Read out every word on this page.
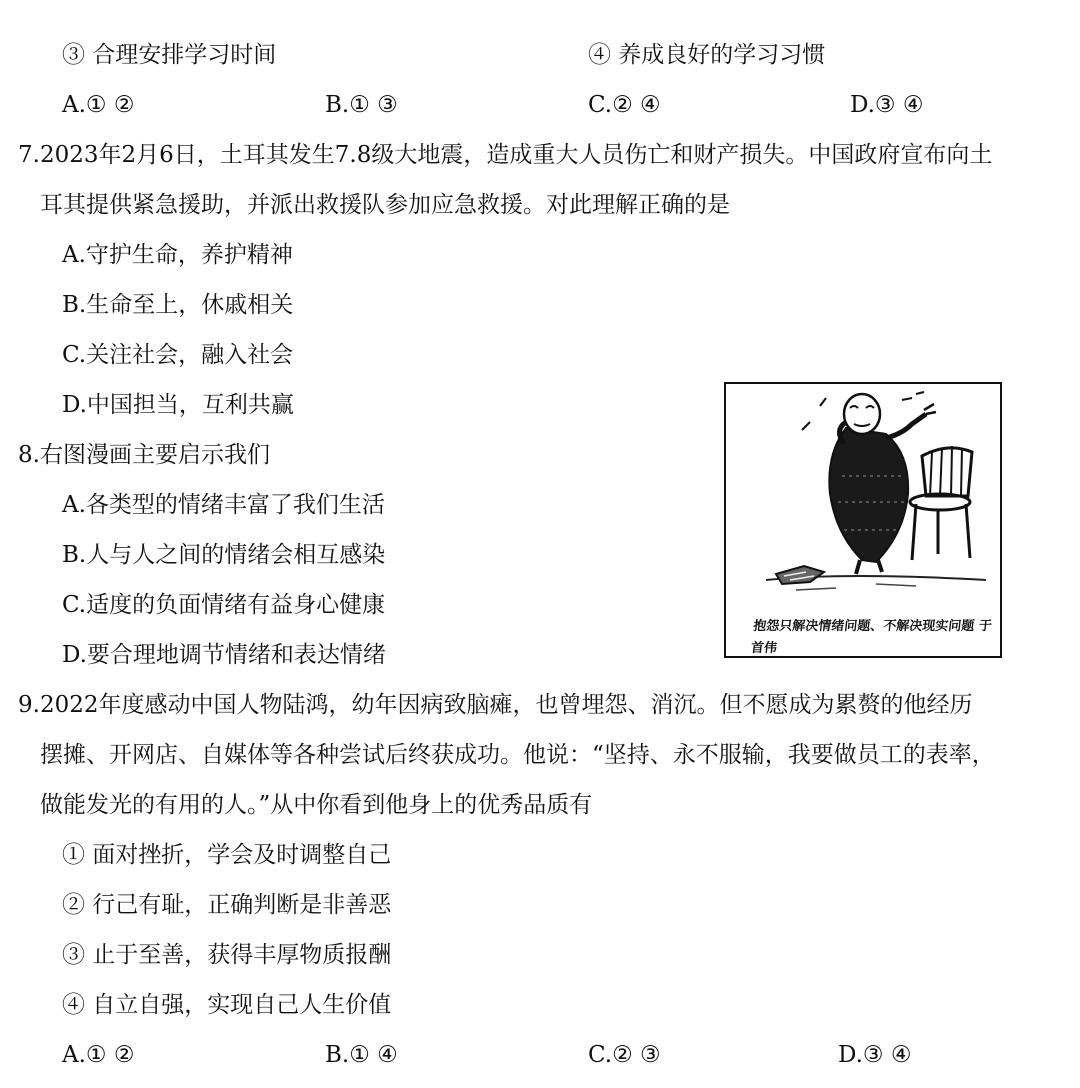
③ 合理安排学习时间	④ 养成良好的学习习惯
A.① ②	B.① ③	C.② ④	D.③ ④
7.2023年2月6日，土耳其发生7.8级大地震，造成重大人员伤亡和财产损失。中国政府宣布向土
耳其提供紧急援助，并派出救援队参加应急救援。对此理解正确的是
A.守护生命，养护精神
B.生命至上，休戚相关
C.关注社会，融入社会
D.中国担当，互利共赢
8.右图漫画主要启示我们
A.各类型的情绪丰富了我们生活
B.人与人之间的情绪会相互感染
C.适度的负面情绪有益身心健康
D.要合理地调节情绪和表达情绪
抱怨只解决情绪问题、不解决现实问题 于首伟
9.2022年度感动中国人物陆鸿，幼年因病致脑瘫，也曾埋怨、消沉。但不愿成为累赘的他经历
摆摊、开网店、自媒体等各种尝试后终获成功。他说：“坚持、永不服输，我要做员工的表率，
做能发光的有用的人。”从中你看到他身上的优秀品质有
① 面对挫折，学会及时调整自己
② 行己有耻，正确判断是非善恶
③ 止于至善，获得丰厚物质报酬
④ 自立自强，实现自己人生价值
A.① ②	B.① ④	C.② ③	D.③ ④
